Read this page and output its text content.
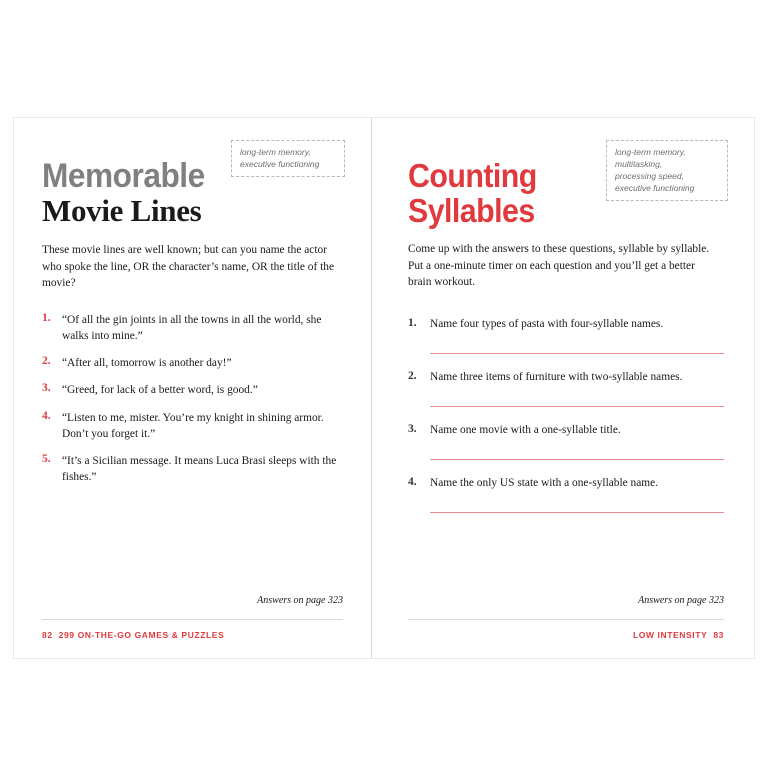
long-term memory,
executive functioning
Memorable
Movie Lines

These movie lines are well known; but can you name the actor who spoke the line, OR the character’s name, OR the title of the movie?

1. “Of all the gin joints in all the towns in all the world, she walks into mine.”
2. “After all, tomorrow is another day!”
3. “Greed, for lack of a better word, is good.”
4. “Listen to me, mister. You’re my knight in shining armor. Don’t you forget it.”
5. “It’s a Sicilian message. It means Luca Brasi sleeps with the fishes.”
Answers on page 323
82 299 ON-THE-GO GAMES & PUZZLES
long-term memory,
multitasking,
processing speed,
executive functioning
Counting
Syllables

Come up with the answers to these questions, syllable by syllable. Put a one-minute timer on each question and you’ll get a better brain workout.

1.	Name four types of pasta with four-syllable names.
2.	Name three items of furniture with two-syllable names.
3.	Name one movie with a one-syllable title.
4.	Name the only US state with a one-syllable name.
Answers on page 323
LOW INTENSITY 83
